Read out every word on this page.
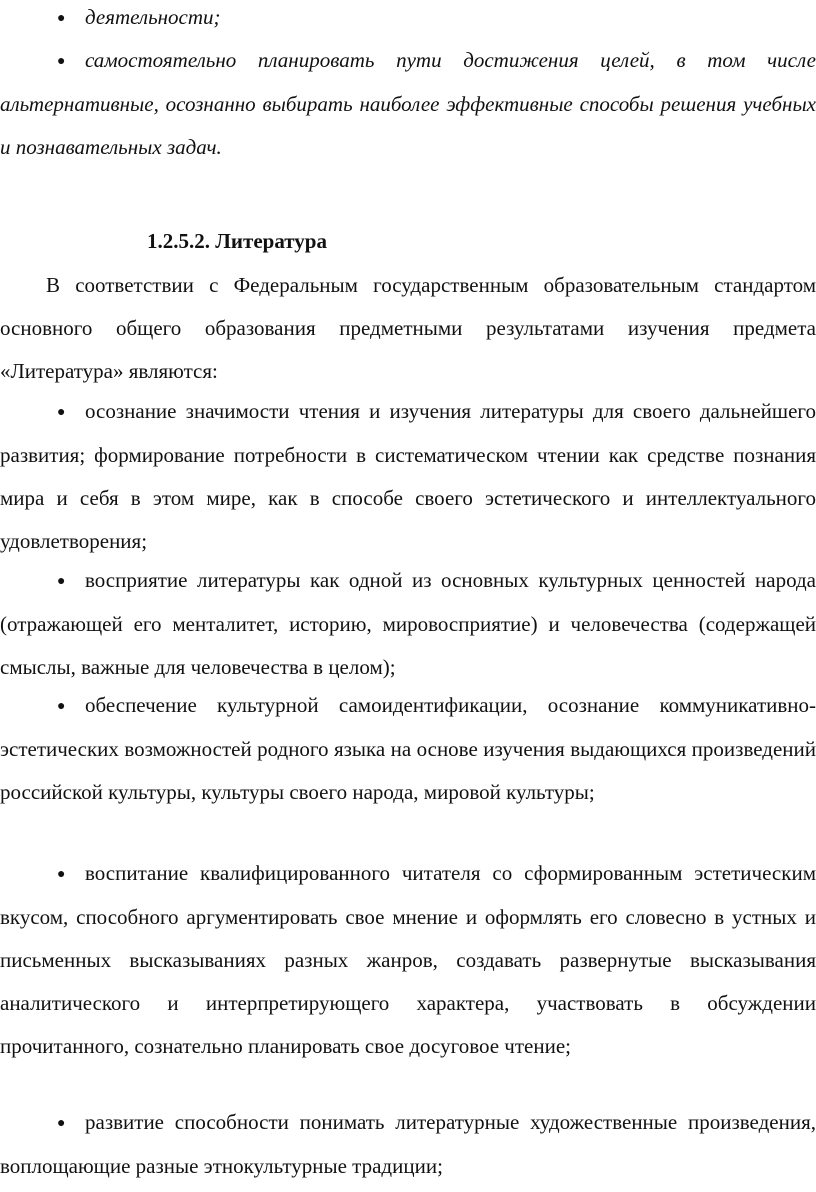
● деятельности;

● самостоятельно планировать пути достижения целей, в том числе альтернативные, осознанно выбирать наиболее эффективные способы решения учебных и познавательных задач.

1.2.5.2. Литература

В соответствии с Федеральным государственным образовательным стандартом основного общего образования предметными результатами изучения предмета «Литература» являются:

● осознание значимости чтения и изучения литературы для своего дальнейшего развития; формирование потребности в систематическом чтении как средстве познания мира и себя в этом мире, как в способе своего эстетического и интеллектуального удовлетворения;

● восприятие литературы как одной из основных культурных ценностей народа (отражающей его менталитет, историю, мировосприятие) и человечества (содержащей смыслы, важные для человечества в целом);

● обеспечение культурной самоидентификации, осознание коммуникативно-эстетических возможностей родного языка на основе изучения выдающихся произведений российской культуры, культуры своего народа, мировой культуры;

● воспитание квалифицированного читателя со сформированным эстетическим вкусом, способного аргументировать свое мнение и оформлять его словесно в устных и письменных высказываниях разных жанров, создавать развернутые высказывания аналитического и интерпретирующего характера, участвовать в обсуждении прочитанного, сознательно планировать свое досуговое чтение;

● развитие способности понимать литературные художественные произведения, воплощающие разные этнокультурные традиции;
